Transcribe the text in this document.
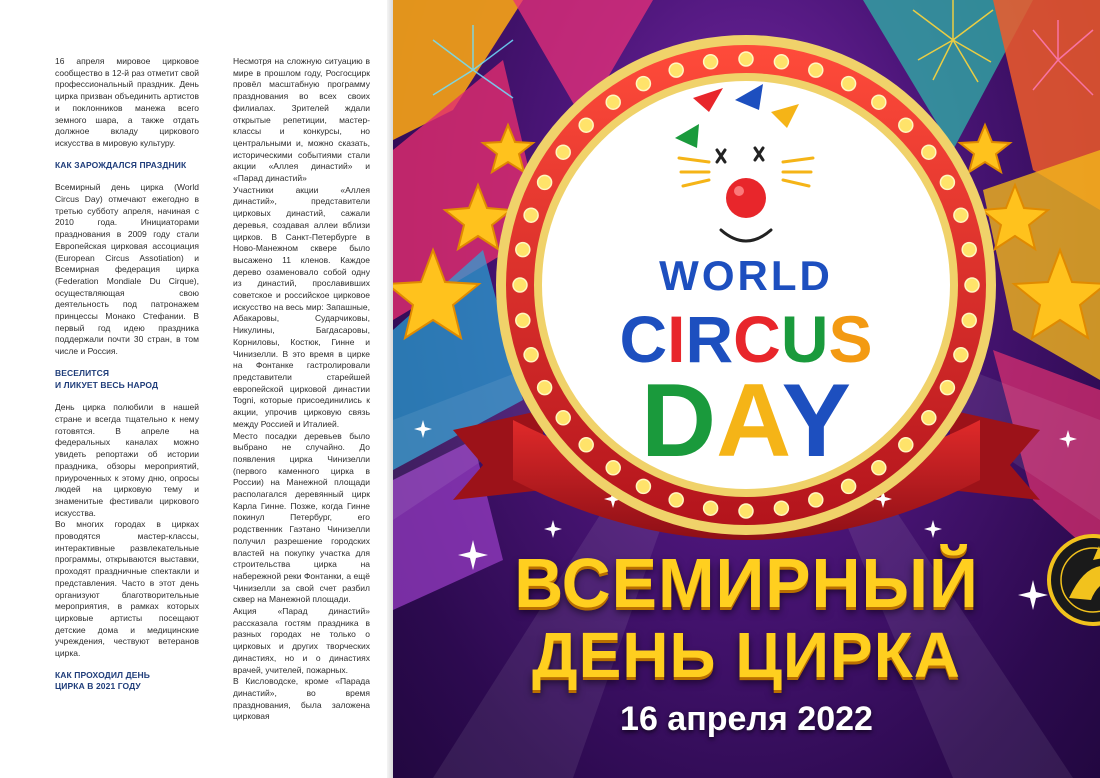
16 апреля мировое цирковое сообщество в 12-й раз отметит свой профессиональный праздник. День цирка призван объединить артистов и поклонников манежа всего земного шара, а также отдать должное вкладу циркового искусства в мировую культуру.

КАК ЗАРОЖДАЛСЯ ПРАЗДНИК

Всемирный день цирка (World Circus Day) отмечают ежегодно в третью субботу апреля, начиная с 2010 года. Инициаторами празднования в 2009 году стали Европейская цирковая ассоциация (European Circus Assotiation) и Всемирная федерация цирка (Federation Mondiale Du Cirque), осуществляющая свою деятельность под патронажем принцессы Монако Стефании. В первый год идею праздника поддержали почти 30 стран, в том числе и Россия.

ВЕСЕЛИТСЯ
И ЛИКУЕТ ВЕСЬ НАРОД

День цирка полюбили в нашей стране и всегда тщательно к нему готовятся. В апреле на федеральных каналах можно увидеть репортажи об истории праздника, обзоры мероприятий, приуроченных к этому дню, опросы людей на цирковую тему и знаменитые фестивали циркового искусства.

Во многих городах в цирках проводятся мастер-классы, интерактивные развлекательные программы, открываются выставки, проходят праздничные спектакли и представления. Часто в этот день организуют благотворительные мероприятия, в рамках которых цирковые артисты посещают детские дома и медицинские учреждения, чествуют ветеранов цирка.

КАК ПРОХОДИЛ ДЕНЬ
ЦИРКА В 2021 ГОДУ

Несмотря на сложную ситуацию в мире в прошлом году, Росгосцирк провёл масштабную программу празднования во всех своих филиалах. Зрителей ждали открытые репетиции, мастер-классы и конкурсы, но центральными и, можно сказать, историческими событиями стали акции «Аллея династий» и «Парад династий»

Участники акции «Аллея династий», представители цирковых династий, сажали деревья, создавая аллеи вблизи цирков. В Санкт-Петербурге в Ново-Манежном сквере было высажено 11 кленов. Каждое дерево озаменовало собой одну из династий, прославивших советское и российское цирковое искусство на весь мир: Запашные, Абакаровы, Сударчиковы, Никулины, Багдасаровы, Корниловы, Костюк, Гинне и Чинизелли. В это время в цирке на Фонтанке гастролировали представители старейшей европейской цирковой династии Togni, которые присоединились к акции, упрочив цирковую связь между Россией и Италией.

Место посадки деревьев было выбрано не случайно. До появления цирка Чинизелли (первого каменного цирка в России) на Манежной площади располагался деревянный цирк Карла Гинне. Позже, когда Гинне покинул Петербург, его родственник Гаэтано Чинизелли получил разрешение городских властей на покупку участка для строительства цирка на набережной реки Фонтанки, а ещё Чинизелли за свой счет разбил сквер на Манежной площади.

Акция «Парад династий» рассказала гостям праздника в разных городах не только о цирковых и других творческих династиях, но и о династиях врачей, учителей, пожарных.

В Кисловодске, кроме «Парада династий», во время празднования, была заложена цирковая

WORLD
CIRCUS
DAY
ВСЕМИРНЫЙ
ДЕНЬ ЦИРКА
16 апреля 2022
